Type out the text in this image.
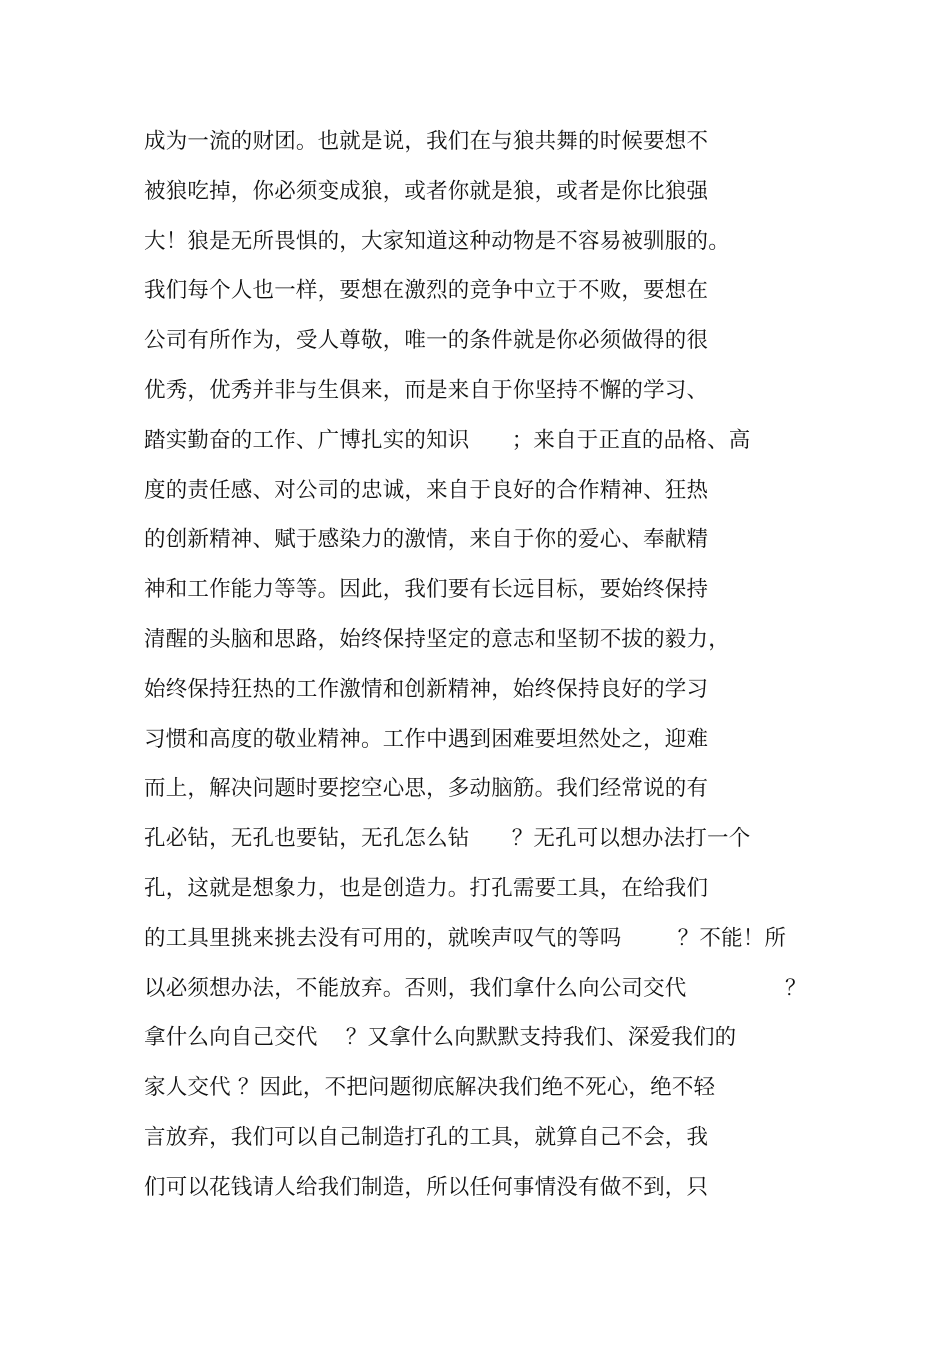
成为一流的财团。也就是说，我们在与狼共舞的时候要想不
被狼吃掉，你必须变成狼，或者你就是狼，或者是你比狼强
大！狼是无所畏惧的，大家知道这种动物是不容易被驯服的。
我们每个人也一样，要想在激烈的竞争中立于不败，要想在
公司有所作为，受人尊敬，唯一的条件就是你必须做得的很
优秀，优秀并非与生俱来，而是来自于你坚持不懈的学习、
踏实勤奋的工作、广博扎实的知识      ；来自于正直的品格、高
度的责任感、对公司的忠诚，来自于良好的合作精神、狂热
的创新精神、赋于感染力的激情，来自于你的爱心、奉献精
神和工作能力等等。因此，我们要有长远目标，要始终保持
清醒的头脑和思路，始终保持坚定的意志和坚韧不拔的毅力，
始终保持狂热的工作激情和创新精神，始终保持良好的学习
习惯和高度的敬业精神。工作中遇到困难要坦然处之，迎难
而上，解决问题时要挖空心思，多动脑筋。我们经常说的有
孔必钻，无孔也要钻，无孔怎么钻      ？无孔可以想办法打一个
孔，这就是想象力，也是创造力。打孔需要工具，在给我们
的工具里挑来挑去没有可用的，就唉声叹气的等吗        ？不能！所
以必须想办法，不能放弃。否则，我们拿什么向公司交代              ？
拿什么向自己交代    ？又拿什么向默默支持我们、深爱我们的
家人交代 ？因此，不把问题彻底解决我们绝不死心，绝不轻
言放弃，我们可以自己制造打孔的工具，就算自己不会，我
们可以花钱请人给我们制造，所以任何事情没有做不到，只
